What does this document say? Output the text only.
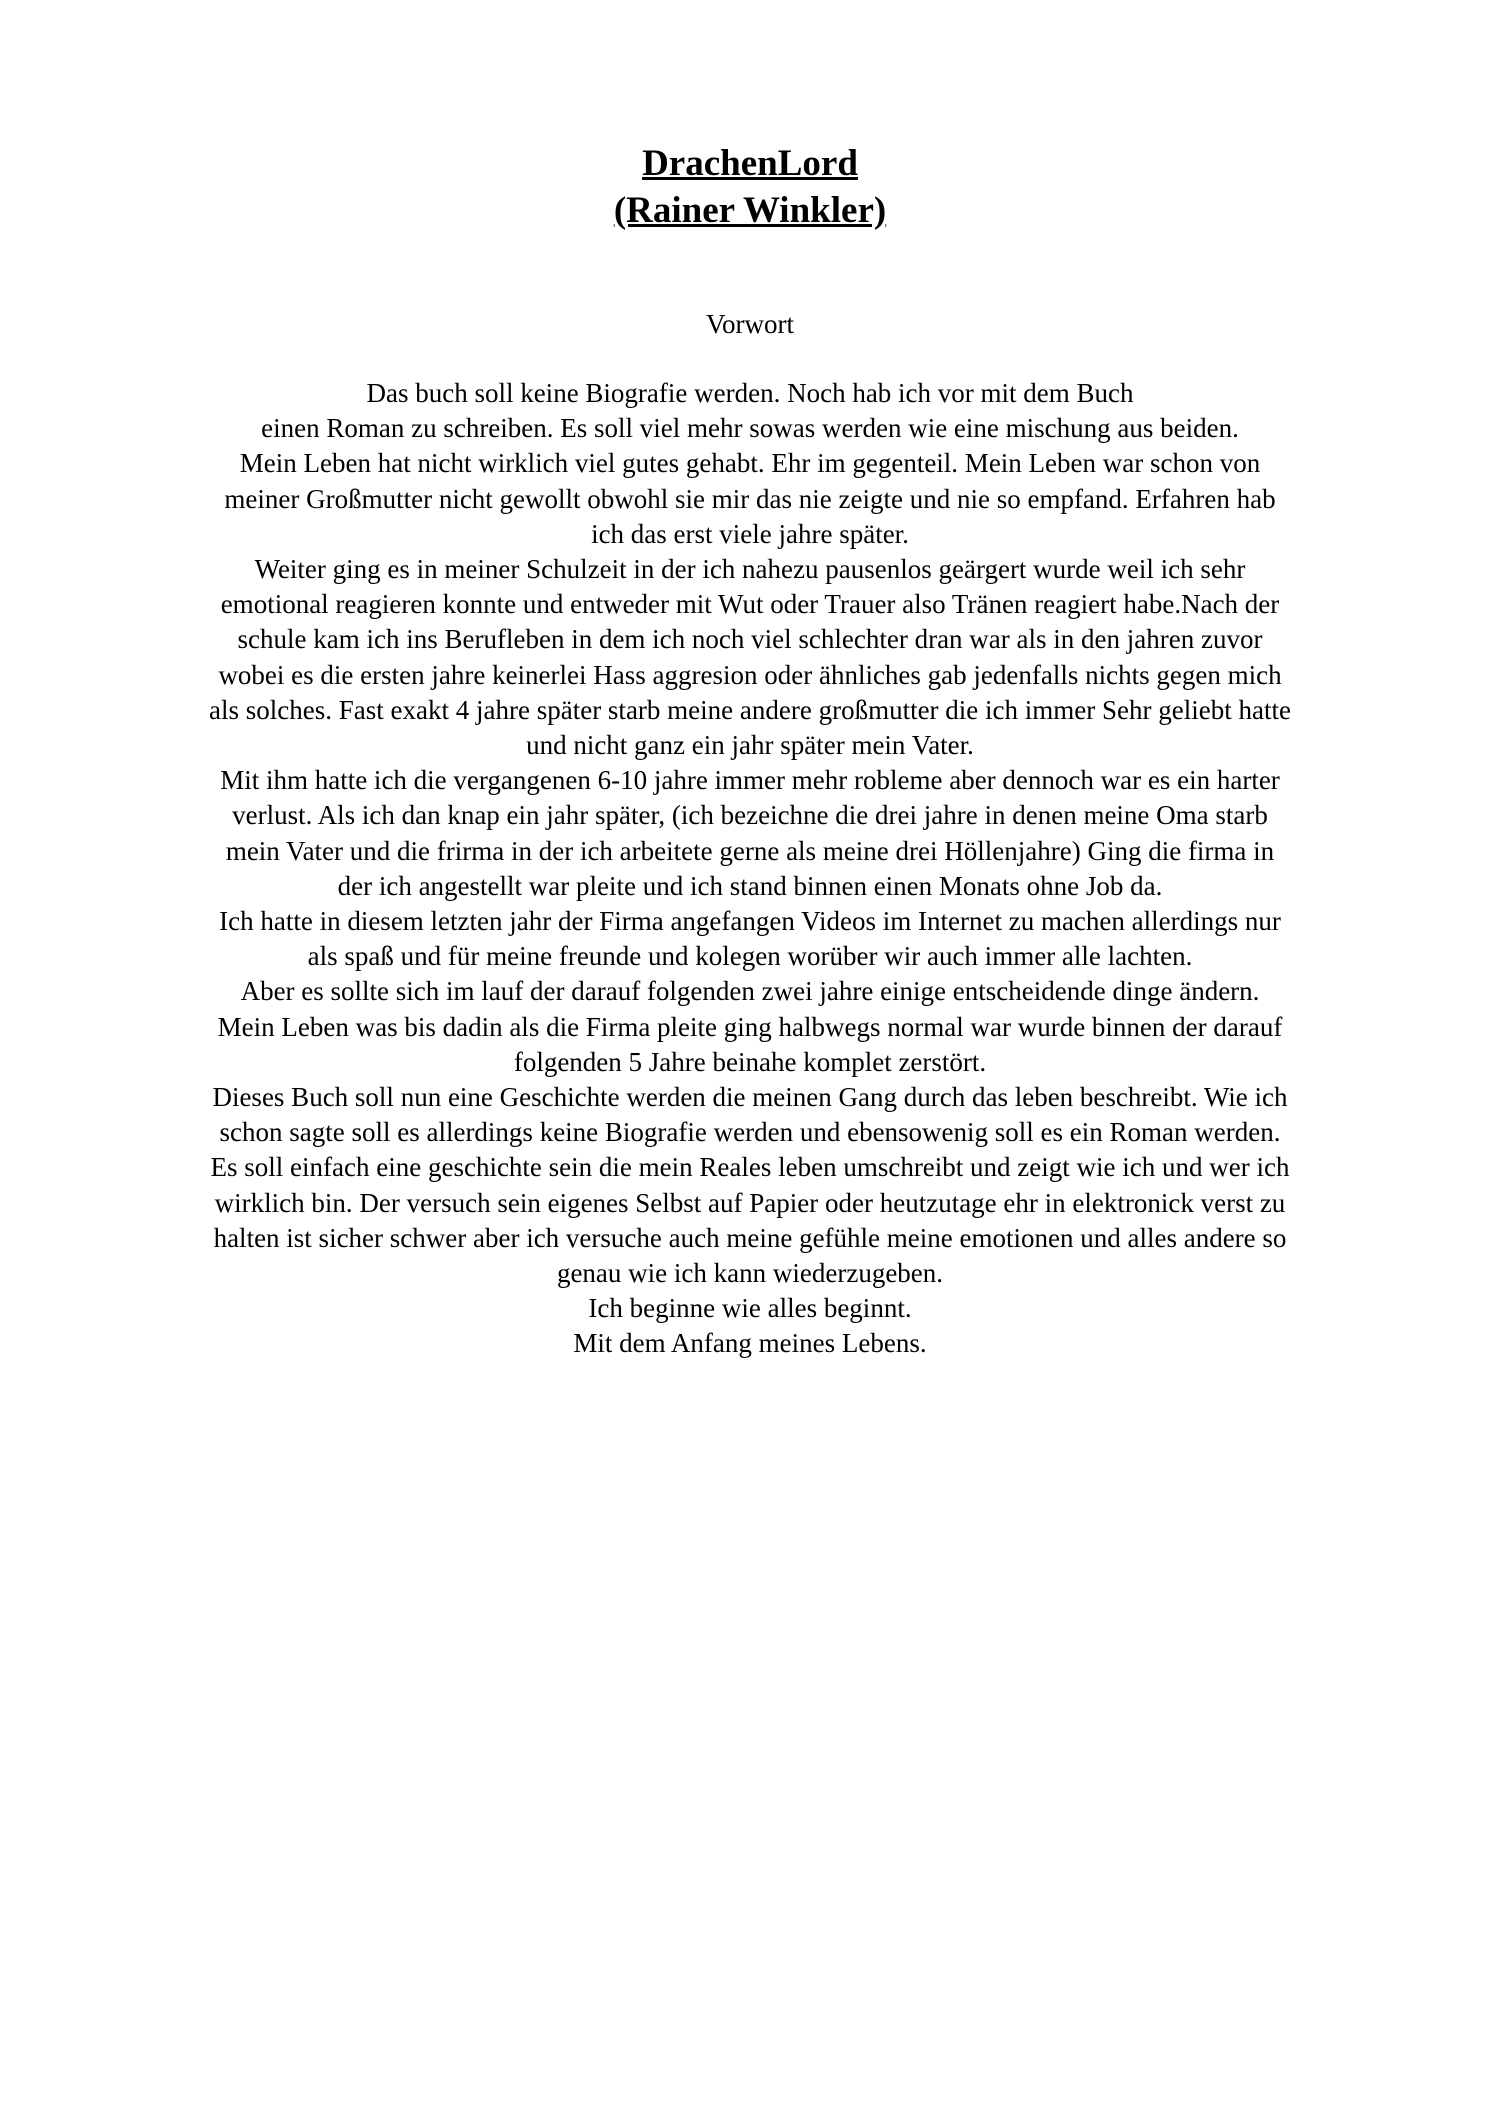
DrachenLord
(Rainer Winkler)
Vorwort
Das buch soll keine Biografie werden. Noch hab ich vor mit dem Buch
einen Roman zu schreiben. Es soll viel mehr sowas werden wie eine mischung aus beiden.
Mein Leben hat nicht wirklich viel gutes gehabt. Ehr im gegenteil. Mein Leben war schon von
meiner Großmutter nicht gewollt obwohl sie mir das nie zeigte und nie so empfand. Erfahren hab
ich das erst viele jahre später.
Weiter ging es in meiner Schulzeit in der ich nahezu pausenlos geärgert wurde weil ich sehr
emotional reagieren konnte und entweder mit Wut oder Trauer also Tränen reagiert habe.Nach der
schule kam ich ins Berufleben in dem ich noch viel schlechter dran war als in den jahren zuvor
wobei es die ersten jahre keinerlei Hass aggresion oder ähnliches gab jedenfalls nichts gegen mich
als solches. Fast exakt 4 jahre später starb meine andere großmutter die ich immer Sehr geliebt hatte
und nicht ganz ein jahr später mein Vater.
Mit ihm hatte ich die vergangenen 6-10 jahre immer mehr robleme aber dennoch war es ein harter
verlust. Als ich dan knap ein jahr später, (ich bezeichne die drei jahre in denen meine Oma starb
mein Vater und die frirma in der ich arbeitete gerne als meine drei Höllenjahre) Ging die firma in
der ich angestellt war pleite und ich stand binnen einen Monats ohne Job da.
Ich hatte in diesem letzten jahr der Firma angefangen Videos im Internet zu machen allerdings nur
als spaß und für meine freunde und kolegen worüber wir auch immer alle lachten.
Aber es sollte sich im lauf der darauf folgenden zwei jahre einige entscheidende dinge ändern.
Mein Leben was bis dadin als die Firma pleite ging halbwegs normal war wurde binnen der darauf
folgenden 5 Jahre beinahe komplet zerstört.
Dieses Buch soll nun eine Geschichte werden die meinen Gang durch das leben beschreibt. Wie ich
schon sagte soll es allerdings keine Biografie werden und ebensowenig soll es ein Roman werden.
Es soll einfach eine geschichte sein die mein Reales leben umschreibt und zeigt wie ich und wer ich
wirklich bin. Der versuch sein eigenes Selbst auf Papier oder heutzutage ehr in elektronick verst zu
halten ist sicher schwer aber ich versuche auch meine gefühle meine emotionen und alles andere so
genau wie ich kann wiederzugeben.
Ich beginne wie alles beginnt.
Mit dem Anfang meines Lebens.
